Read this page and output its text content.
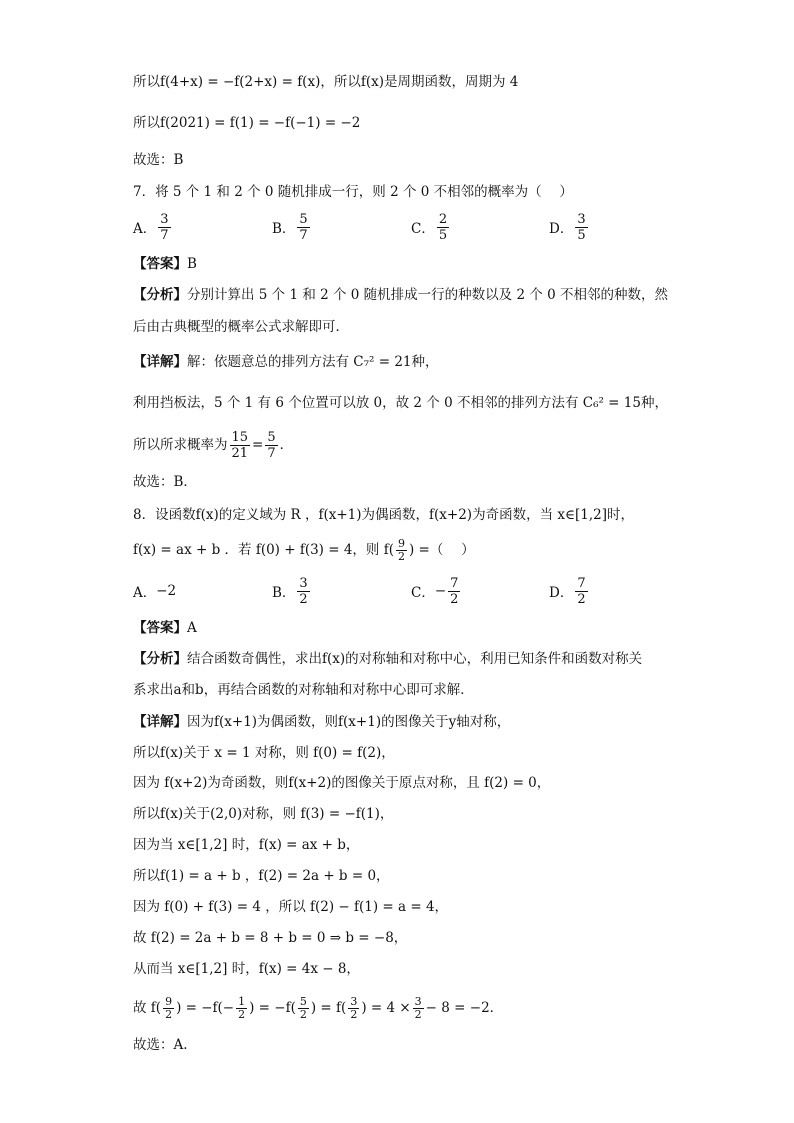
所以f(4+x) = −f(2+x) = f(x)，所以f(x)是周期函数，周期为 4
所以f(2021) = f(1) = −f(−1) = −2
故选：B
7．将 5 个 1 和 2 个 0 随机排成一行，则 2 个 0 不相邻的概率为（　 ）
A． $\frac{3}{7}$	B． $\frac{5}{7}$	C． $\frac{2}{5}$	D． $\frac{3}{5}$
【答案】B
【分析】分别计算出 5 个 1 和 2 个 0 随机排成一行的种数以及 2 个 0 不相邻的种数，然
后由古典概型的概率公式求解即可．
【详解】解：依题意总的排列方法有 C₇² = 21种，
利用挡板法，5 个 1 有 6 个位置可以放 0，故 2 个 0 不相邻的排列方法有 C₆² = 15种，
所以所求概率为 $\frac{15}{21} = \frac{5}{7}$ ．
故选：B．
8．设函数f(x)的定义域为 R ，f(x+1)为偶函数，f(x+2)为奇函数，当 x∈[1,2]时，
f(x) = ax + b ．若 f(0) + f(3) = 4，则 $f( \frac{9}{2}$ ) =（　 ）
A． −2	B． $\frac{3}{2}$	C． − $\frac{7}{2}$	D． $\frac{7}{2}$
【答案】A
【分析】结合函数奇偶性，求出f(x)的对称轴和对称中心，利用已知条件和函数对称关
系求出a和b，再结合函数的对称轴和对称中心即可求解．
【详解】因为f(x+1)为偶函数，则f(x+1)的图像关于y轴对称，
所以f(x)关于 x = 1 对称，则 f(0) = f(2)，
因为 f(x+2)为奇函数，则f(x+2)的图像关于原点对称，且 f(2) = 0，
所以f(x)关于(2,0)对称，则 f(3) = −f(1)，
因为当 x∈[1,2] 时，f(x) = ax + b，
所以f(1) = a + b ，f(2) = 2a + b = 0，
因为 f(0) + f(3) = 4 ，所以 f(2) − f(1) = a = 4，
故 f(2) = 2a + b = 8 + b = 0 ⇒ b = −8，
从而当 x∈[1,2] 时，f(x) = 4x − 8，
故 $f( \frac{9}{2}$ ) = $-f(- \frac{1}{2}$ ) = $-f( \frac{5}{2}$ ) = $f( \frac{3}{2}$ ) = $4 \times \frac{3}{2} - 8 = -2$．
故选：A.
